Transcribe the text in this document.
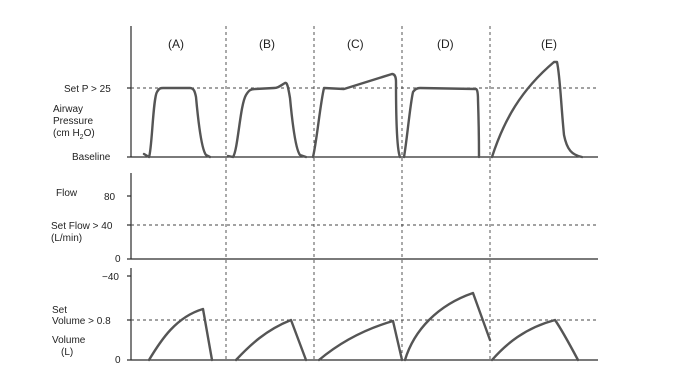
(A)	(B)	(C)	(D)	(E)
Set P > 25
Airway
Pressure
(cm $H_2O$)
Baseline
Flow	80
Set Flow > 40
(L/min)
0
−40
Set
Volume > 0.8
Volume
(L)
0
